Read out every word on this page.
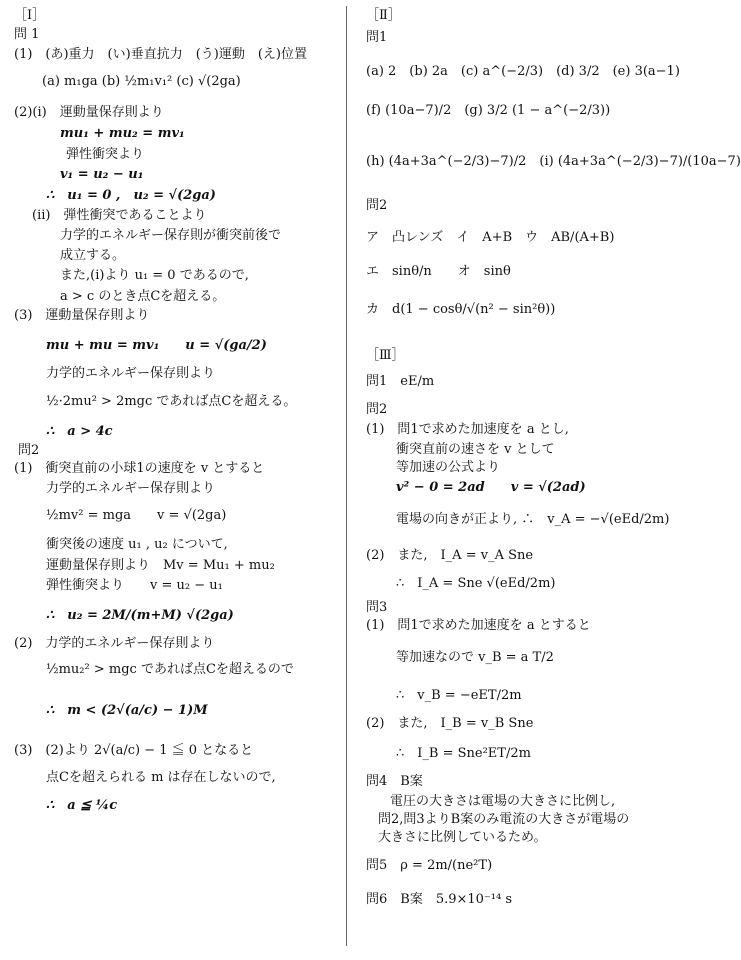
［Ⅰ］
問 1
(1)　(あ)重力　(い)垂直抗力　(う)運動　(え)位置
(a) m₁ga (b) ½m₁v₁² (c) √(2ga)
(2)(ⅰ)　運動量保存則より
mu₁ + mu₂ = mv₁
弾性衝突より
v₁ = u₂ − u₁
∴　u₁ = 0 ,　u₂ = √(2ga)
(ⅱ)　弾性衝突であることより
力学的エネルギー保存則が衝突前後で
成立する。
また,(ⅰ)より u₁ = 0 であるので,
a > c のとき点Cを超える。
(3)　運動量保存則より
mu + mu = mv₁　　u = √(ga/2)
力学的エネルギー保存則より
½·2mu² > 2mgc であれば点Cを超える。
∴　a > 4c
問2
(1)　衝突直前の小球1の速度を v とすると
力学的エネルギー保存則より
½mv² = mga　　v = √(2ga)
衝突後の速度 u₁ , u₂ について,
運動量保存則より　Mv = Mu₁ + mu₂
弾性衝突より　　v = u₂ − u₁
∴　u₂ = 2M/(m+M) √(2ga)
(2)　力学的エネルギー保存則より
½mu₂² > mgc であれば点Cを超えるので
∴　m < (2√(a/c) − 1)M
(3)　(2)より 2√(a/c) − 1 ≦ 0 となると
点Cを超えられる m は存在しないので,
∴　a ≦ ¼c
［Ⅱ］
問1
(a) 2　(b) 2a　(c) a^(−2/3)　(d) 3/2　(e) 3(a−1)
(f) (10a−7)/2　(g) 3/2 (1 − a^(−2/3))
(h) (4a+3a^(−2/3)−7)/2　(i) (4a+3a^(−2/3)−7)/(10a−7)
問2
ア　凸レンズ　イ　A+B　ウ　AB/(A+B)
エ　sinθ/n　　オ　sinθ
カ　d(1 − cosθ/√(n² − sin²θ))
［Ⅲ］
問1　eE/m
問2
(1)　問1で求めた加速度を a とし,
衝突直前の速さを v として
等加速の公式より
v² − 0 = 2ad　　v = √(2ad)
電場の向きが正より, ∴　v_A = −√(eEd/2m)
(2)　また,　I_A = v_A Sne
∴　I_A = Sne √(eEd/2m)
問3
(1)　問1で求めた加速度を a とすると
等加速なので v_B = a T/2
∴　v_B = −eET/2m
(2)　また,　I_B = v_B Sne
∴　I_B = Sne²ET/2m
問4　B案
電圧の大きさは電場の大きさに比例し,
問2,問3よりB案のみ電流の大きさが電場の
大きさに比例しているため。
問5　ρ = 2m/(ne²T)
問6　B案　5.9×10⁻¹⁴ s
